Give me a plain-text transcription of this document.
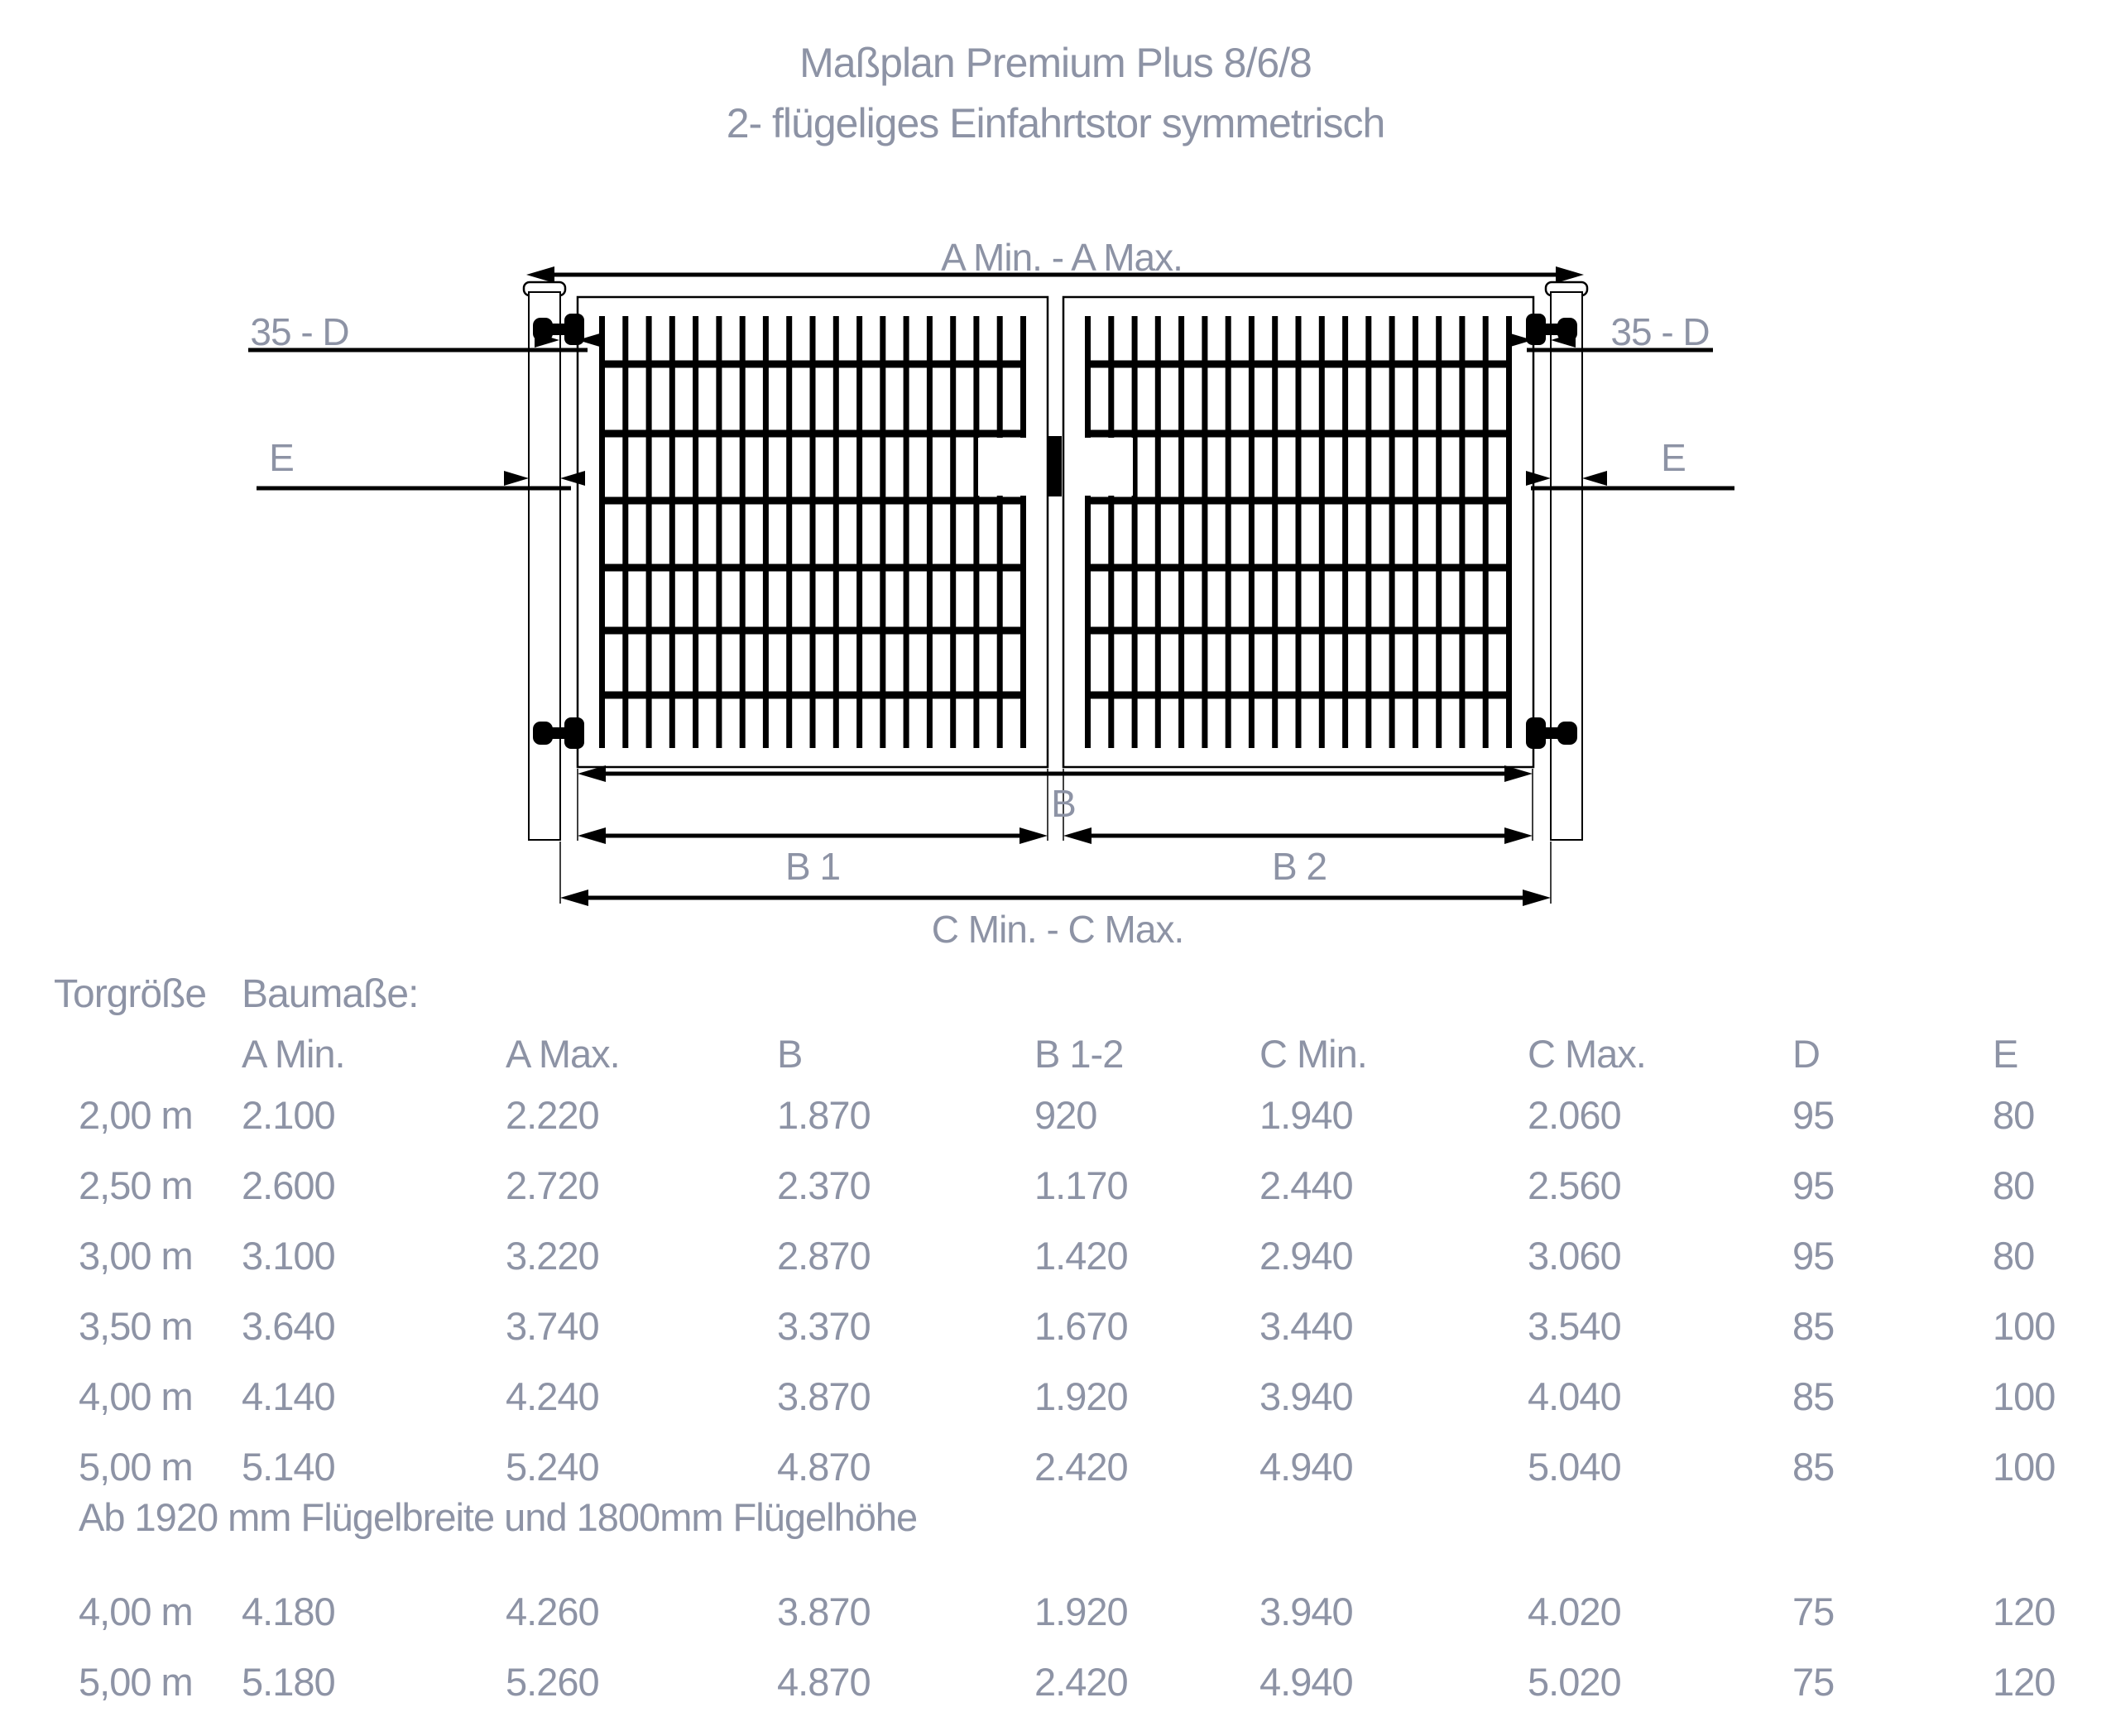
Maßplan Premium Plus 8/6/8
2- flügeliges Einfahrtstor symmetrisch
A Min. - A Max.
35 - D	35 - D
E	E
B
B 1	B 2
C Min. - C Max.
Torgröße Baumaße:
A Min.	A Max.	B	B 1-2	C Min.	C Max.	D	E
2,00 m	2.100	2.220	1.870	920	1.940	2.060	95	80
2,50 m	2.600	2.720	2.370	1.170	2.440	2.560	95	80
3,00 m	3.100	3.220	2.870	1.420	2.940	3.060	95	80
3,50 m	3.640	3.740	3.370	1.670	3.440	3.540	85	100
4,00 m	4.140	4.240	3.870	1.920	3.940	4.040	85	100
5,00 m	5.140	5.240	4.870	2.420	4.940	5.040	85	100
4,00 m	4.180	4.260	3.870	1.920	3.940	4.020	75	120
5,00 m	5.180	5.260	4.870	2.420	4.940	5.020	75	120
Ab 1920 mm Flügelbreite und 1800mm Flügelhöhe
